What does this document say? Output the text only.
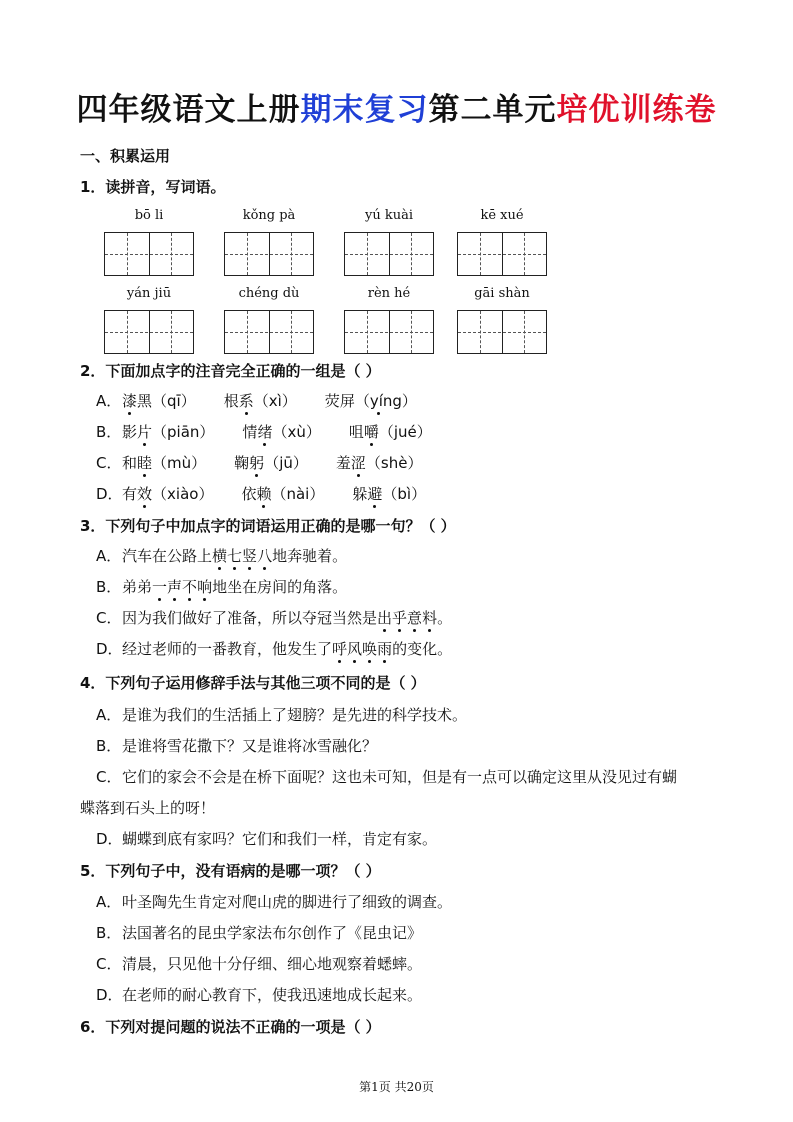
四年级语文上册期末复习第二单元培优训练卷
一、积累运用
1．读拼音，写词语。
bō li	kǒng pà	yú kuài	kē xué
yán jiū	chéng dù	rèn hé	gāi shàn
2．下面加点字的注音完全正确的一组是（ ）
A．漆黑（qī） 根系（xì） 荧屏（yíng）
B．影片（piān） 情绪（xù） 咀嚼（jué）
C．和睦（mù） 鞠躬（jū） 羞涩（shè）
D．有效（xiào） 依赖（nài） 躲避（bì）
3．下列句子中加点字的词语运用正确的是哪一句？（ ）
A．汽车在公路上横七竖八地奔驰着。
B．弟弟一声不响地坐在房间的角落。
C．因为我们做好了准备，所以夺冠当然是出乎意料。
D．经过老师的一番教育，他发生了呼风唤雨的变化。
4．下列句子运用修辞手法与其他三项不同的是（ ）
A．是谁为我们的生活插上了翅膀？是先进的科学技术。
B．是谁将雪花撒下？又是谁将冰雪融化？
C．它们的家会不会是在桥下面呢？这也未可知，但是有一点可以确定这里从没见过有蝴
蝶落到石头上的呀！
D．蝴蝶到底有家吗？它们和我们一样，肯定有家。
5．下列句子中，没有语病的是哪一项？（ ）
A．叶圣陶先生肯定对爬山虎的脚进行了细致的调查。
B．法国著名的昆虫学家法布尔创作了《昆虫记》
C．清晨，只见他十分仔细、细心地观察着蟋蟀。
D．在老师的耐心教育下，使我迅速地成长起来。
6．下列对提问题的说法不正确的一项是（ ）
第1页 共20页
